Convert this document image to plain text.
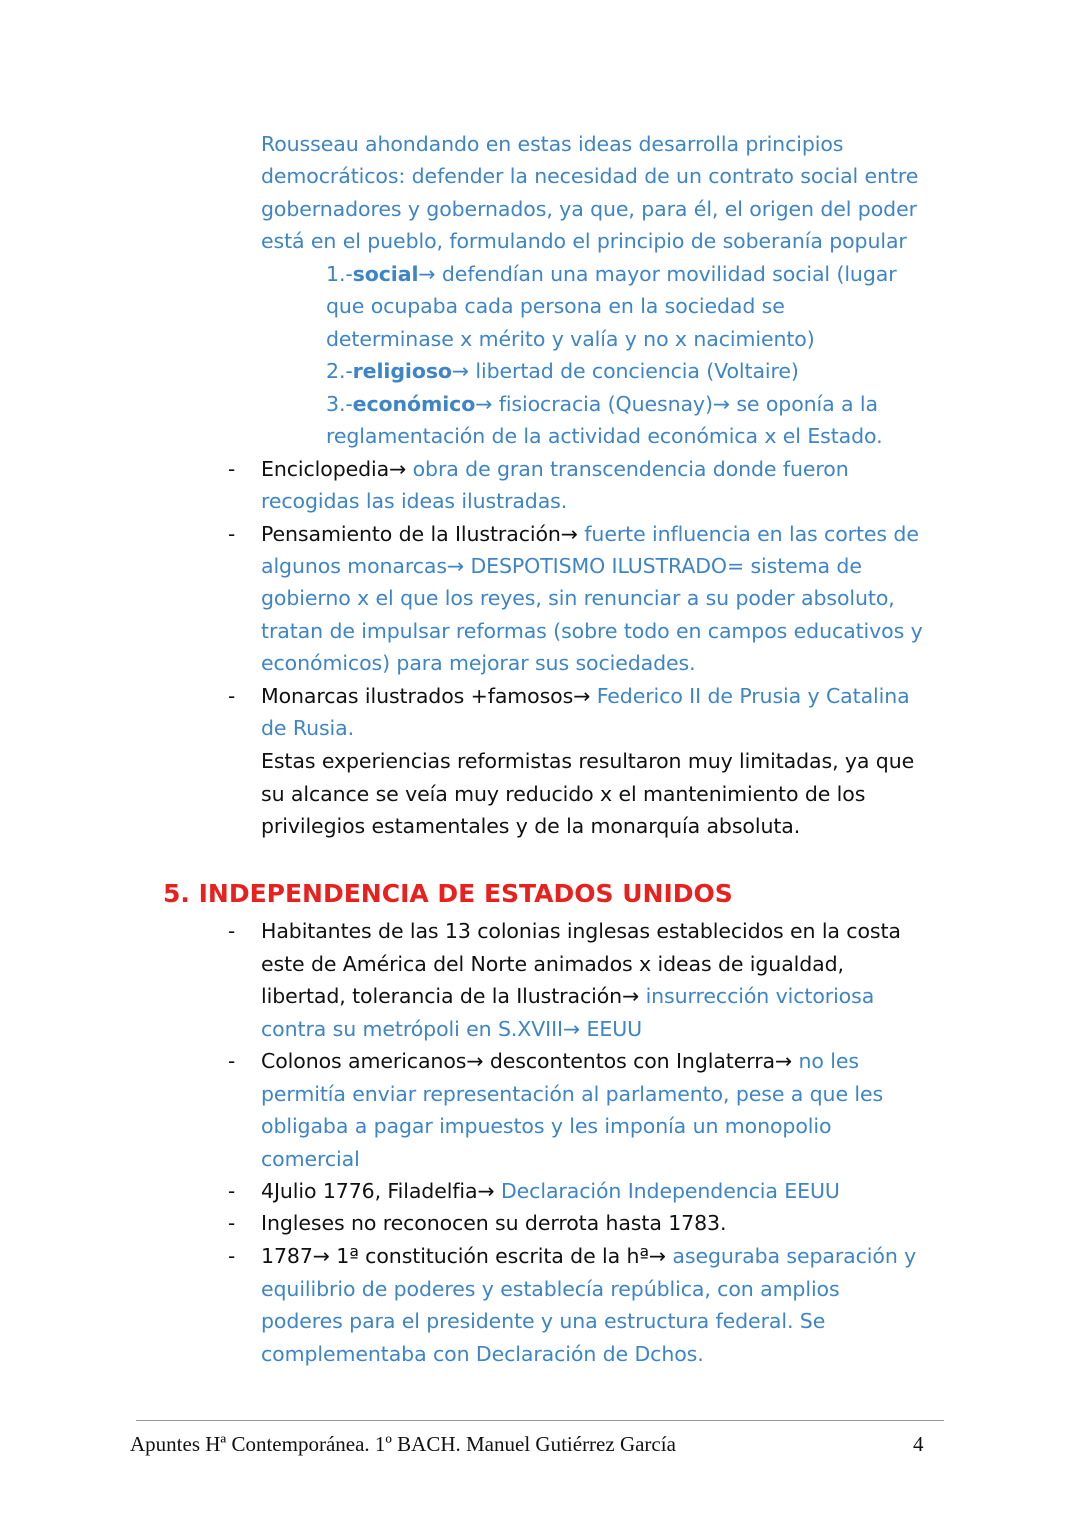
Rousseau ahondando en estas ideas desarrolla principios
democráticos: defender la necesidad de un contrato social entre
gobernadores y gobernados, ya que, para él, el origen del poder
está en el pueblo, formulando el principio de soberanía popular
1.-social→ defendían una mayor movilidad social (lugar
que ocupaba cada persona en la sociedad se
determinase x mérito y valía y no x nacimiento)
2.-religioso→ libertad de conciencia (Voltaire)
3.-económico→ fisiocracia (Quesnay)→ se oponía a la
reglamentación de la actividad económica x el Estado.
- Enciclopedia→ obra de gran transcendencia donde fueron
recogidas las ideas ilustradas.
- Pensamiento de la Ilustración→ fuerte influencia en las cortes de
algunos monarcas→ DESPOTISMO ILUSTRADO= sistema de
gobierno x el que los reyes, sin renunciar a su poder absoluto,
tratan de impulsar reformas (sobre todo en campos educativos y
económicos) para mejorar sus sociedades.
- Monarcas ilustrados +famosos→ Federico II de Prusia y Catalina
de Rusia.
Estas experiencias reformistas resultaron muy limitadas, ya que
su alcance se veía muy reducido x el mantenimiento de los
privilegios estamentales y de la monarquía absoluta.
5. INDEPENDENCIA DE ESTADOS UNIDOS
- Habitantes de las 13 colonias inglesas establecidos en la costa
este de América del Norte animados x ideas de igualdad,
libertad, tolerancia de la Ilustración→ insurrección victoriosa
contra su metrópoli en S.XVIII→ EEUU
- Colonos americanos→ descontentos con Inglaterra→ no les
permitía enviar representación al parlamento, pese a que les
obligaba a pagar impuestos y les imponía un monopolio
comercial
- 4Julio 1776, Filadelfia→ Declaración Independencia EEUU
- Ingleses no reconocen su derrota hasta 1783.
- 1787→ 1ª constitución escrita de la hª→ aseguraba separación y
equilibrio de poderes y establecía república, con amplios
poderes para el presidente y una estructura federal. Se
complementaba con Declaración de Dchos.
Apuntes Hª Contemporánea. 1º BACH. Manuel Gutiérrez García	4
